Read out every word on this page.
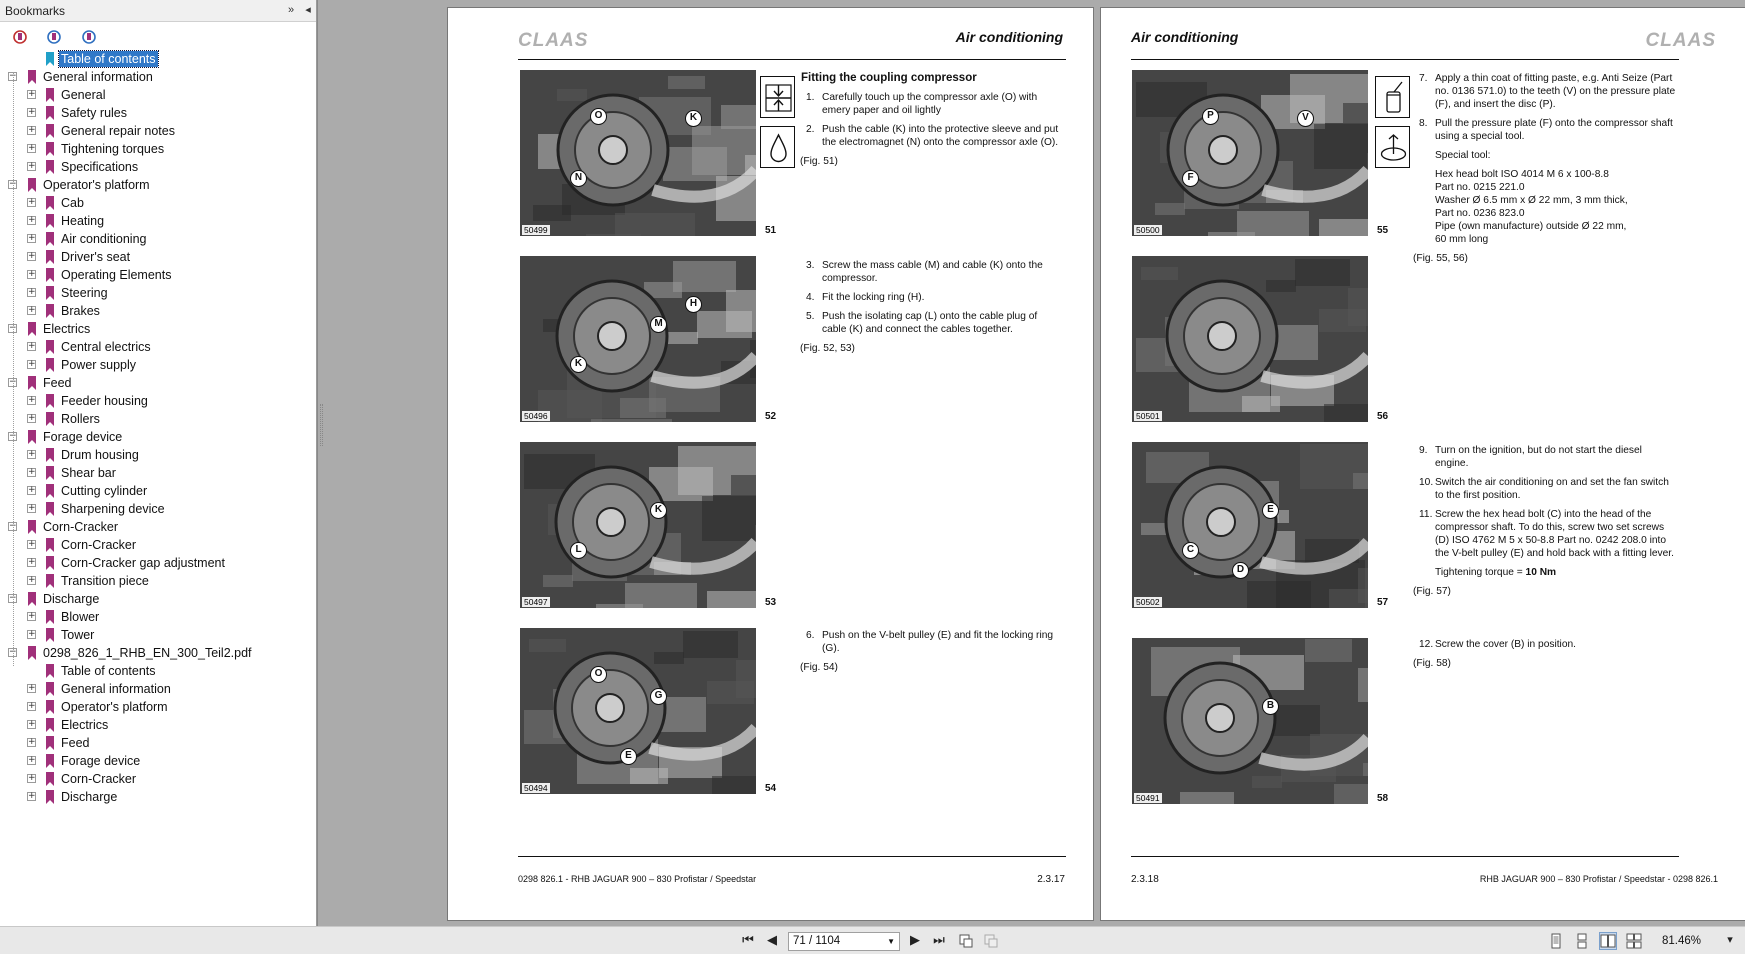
Bookmarks	»	◂
Table of contents
− General information
+ General
+ Safety rules
+ General repair notes
+ Tightening torques
+ Specifications
− Operator's platform
+ Cab
+ Heating
+ Air conditioning
+ Driver's seat
+ Operating Elements
+ Steering
+ Brakes
− Electrics
+ Central electrics
+ Power supply
− Feed
+ Feeder housing
+ Rollers
− Forage device
+ Drum housing
+ Shear bar
+ Cutting cylinder
+ Sharpening device
− Corn-Cracker
+ Corn-Cracker
+ Corn-Cracker gap adjustment
+ Transition piece
− Discharge
+ Blower
+ Tower
− 0298_826_1_RHB_EN_300_Teil2.pdf
Table of contents
+ General information
+ Operator's platform
+ Electrics
+ Feed
+ Forage device
+ Corn-Cracker
+ Discharge
CLAAS	Air conditioning
O	K
N
50499	51
H
K
M
50496	52
L
K
50497	53
G
E
O
50494	54
Fitting the coupling compressor
1. Carefully touch up the compressor axle (O) with emery paper and oil lightly
2. Push the cable (K) into the protective sleeve and put the electromagnet (N) onto the compressor axle (O).
(Fig. 51)
3. Screw the mass cable (M) and cable (K) onto the compressor.
4. Fit the locking ring (H).
5. Push the isolating cap (L) onto the cable plug of cable (K) and connect the cables together.
(Fig. 52, 53)
6. Push on the V-belt pulley (E) and fit the locking ring (G).
(Fig. 54)
0298 826.1 - RHB JAGUAR 900 – 830 Profistar / Speedstar	2.3.17
Air conditioning	CLAAS
P	V
F
50500	55
50501	56
C
E
D
50502	57
B
50491	58
7. Apply a thin coat of fitting paste, e.g. Anti Seize (Part no. 0136 571.0) to the teeth (V) on the pressure plate (F), and insert the disc (P).
8. Pull the pressure plate (F) onto the compressor shaft using a special tool.
Special tool:
Hex head bolt ISO 4014 M 6 x 100-8.8
Part no. 0215 221.0
Washer Ø 6.5 mm x Ø 22 mm, 3 mm thick,
Part no. 0236 823.0
Pipe (own manufacture) outside Ø 22 mm,
60 mm long
(Fig. 55, 56)
9. Turn on the ignition, but do not start the diesel engine.
10. Switch the air conditioning on and set the fan switch to the first position.
11. Screw the hex head bolt (C) into the head of the compressor shaft. To do this, screw two set screws (D) ISO 4762 M 5 x 50-8.8 Part no. 0242 208.0 into the V-belt pulley (E) and hold back with a fitting lever.
Tightening torque = 10 Nm
(Fig. 57)
12. Screw the cover (B) in position.
(Fig. 58)
2.3.18	RHB JAGUAR 900 – 830 Profistar / Speedstar - 0298 826.1
⏮	◀	71 / 1104	▼	▶	⏭	81.46%	▾
